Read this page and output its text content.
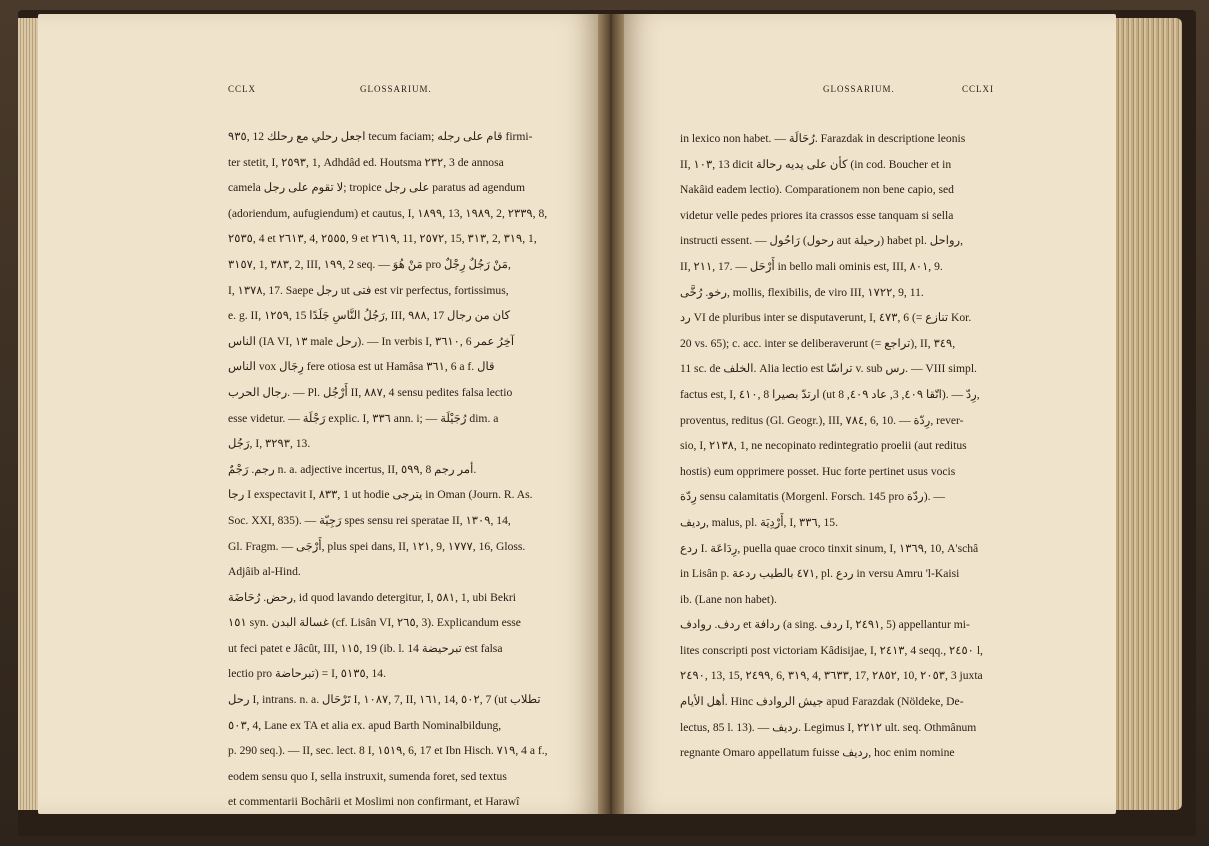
CCLX	GLOSSARIUM.	GLOSSARIUM.	CCLXI
٩٣٥, 12 اجعل رحلي مع رحلك tecum faciam; قام على رجله firmi-
ter stetit, I, ٢٥٩٣, 1, Adhdâd ed. Houtsma ٢٣٢, 3 de annosa
camela لا تقوم على رجل; tropice على رجل paratus ad agendum
(adoriendum, aufugiendum) et cautus, I, ١٨٩٩, 13, ١٩٨٩, 2, ٢٣٣٩, 8,
٢٥٣٥, 4 et ٢٦١٣, 4, ٢٥٥٥, 9 et ٢٦١٩, 11, ٢٥٧٢, 15, ٣١٣, 2, ٣١٩, 1,
٣١٥٧, 1, ٣٨٣, 2, III, ١٩٩, 2 seq. — مَنْ هُوَ pro مَنْ رَجُلٌ رِجْلٌ,
I, ١٣٧٨, 17. Saepe رجل ut فتى est vir perfectus, fortissimus,
e. g. II, ١٢٥٩, 15 رَجُلُ النَّاسِ جَلَدًا, III, ٩٨٨, 17 كان من رجال
الناس (IA VI, ١٣ male رحل). — In verbis I, ٣٦١٠, 6 آخِرُ عمر
الناس vox رِجَال fere otiosa est ut Hamâsa ٣٦١, 6 a f. قال
رجال الحرب. — Pl. أَرْجُل II, ٨٨٧, 4 sensu pedites falsa lectio
esse videtur. — رَجْلَة explic. I, ٣٣٦ ann. i; — رُجَيْلَة dim. a
رَجُل, I, ٣٢٩٣, 13.
رجم. رَجْمٌ n. a. adjective incertus, II, ٥٩٩, 8 أمر رجم.
رجا I exspectavit I, ٨٣٣, 1 ut hodie يترجى in Oman (Journ. R. As.
Soc. XXI, 835). — رَجِيّة spes sensu rei speratae II, ١٣٠٩, 14,
Gl. Fragm. — أَرْجَى, plus spei dans, II, ١٢١, 9, ١٧٧٧, 16, Gloss.
Adjâib al-Hind.
رحض. رُحَاضَة, id quod lavando detergitur, I, ٥٨١, 1, ubi Bekri
١٥١ syn. غسالة البدن (cf. Lisân VI, ٢٦٥, 3). Explicandum esse
ut feci patet e Jâcût, III, ١١٥, 19 (ib. l. 14 تبرحيضة est falsa
lectio pro تبرحاضة) = I, ٥١٣٥, 14.
رحل I, intrans. n. a. تَرْحَال I, ١٠٨٧, 7, II, ١٦١, 14, ٥٠٢, 7 (ut تطلاب
٥٠٣, 4, Lane ex TA et alia ex. apud Barth Nominalbildung,
p. 290 seq.). — II, sec. lect. 8 I, ١٥١٩, 6, 17 et Ibn Hisch. ٧١٩, 4 a f.,
eodem sensu quo I, sella instruxit, sumenda foret, sed textus
et commentarii Bochârii et Moslimi non confirmant, et Harawî
in lexico non habet. — رُحَالَة. Farazdak in descriptione leonis
II, ١٠٣, 13 dicit كأن على يديه رحالة (in cod. Boucher et in
Nakâid eadem lectio). Comparationem non bene capio, sed
videtur velle pedes priores ita crassos esse tanquam si sella
instructi essent. — رَاحُول (رحول aut رحيلة) habet pl. رواحل,
II, ٢١١, 17. — أَرْحَل in bello mali ominis est, III, ٨٠١, 9.
رخو. رُخَّى, mollis, flexibilis, de viro III, ١٧٢٢, 9, 11.
رد VI de pluribus inter se disputaverunt, I, ٤٧٣, 6 (= تنازع Kor.
20 vs. 65); c. acc. inter se deliberaverunt (= تراجع), II, ٣٤٩,
11 sc. de الخلف. Alia lectio est تراسّا v. sub رس. — VIII simpl.
factus est, I, ٤١٠, 8 ارتدّ بصيرا (ut اتّقا ٤٠٩, 3, عاد ٤٠٩, 8). — رِدّ,
proventus, reditus (Gl. Geogr.), III, ٧٨٤, 6, 10. — رِدّة, rever-
sio, I, ٢١٣٨, 1, ne necopinato redintegratio proelii (aut reditus
hostis) eum opprimere posset. Huc forte pertinet usus vocis
رِدّة sensu calamitatis (Morgenl. Forsch. 145 pro ردّة). —
رديف, malus, pl. أَرْدِيَة, I, ٣٣٦, 15.
ردع I. رِدَاعَة, puella quae croco tinxit sinum, I, ١٣٦٩, 10, A'schâ
in Lisân p. ٤٧١ بالطيب ردعة, pl. ردع in versu Amru 'l-Kaisi
ib. (Lane non habet).
ردف. روادف et ردافة (a sing. ردف I, ٢٤٩١, 5) appellantur mi-
lites conscripti post victoriam Kâdisijae, I, ٢٤١٣, 4 seqq., ٢٤٥٠ l,
٢٤٩٠, 13, 15, ٢٤٩٩, 6, ٣١٩, 4, ٣٦٣٣, 17, ٢٨٥٢, 10, ٢٠٥٣, 3 juxta
أهل الأيام. Hinc جيش الروادف apud Farazdak (Nöldeke, De-
lectus, 85 l. 13). — رديف. Legimus I, ٢٢١٢ ult. seq. Othmânum
regnante Omaro appellatum fuisse رديف, hoc enim nomine
